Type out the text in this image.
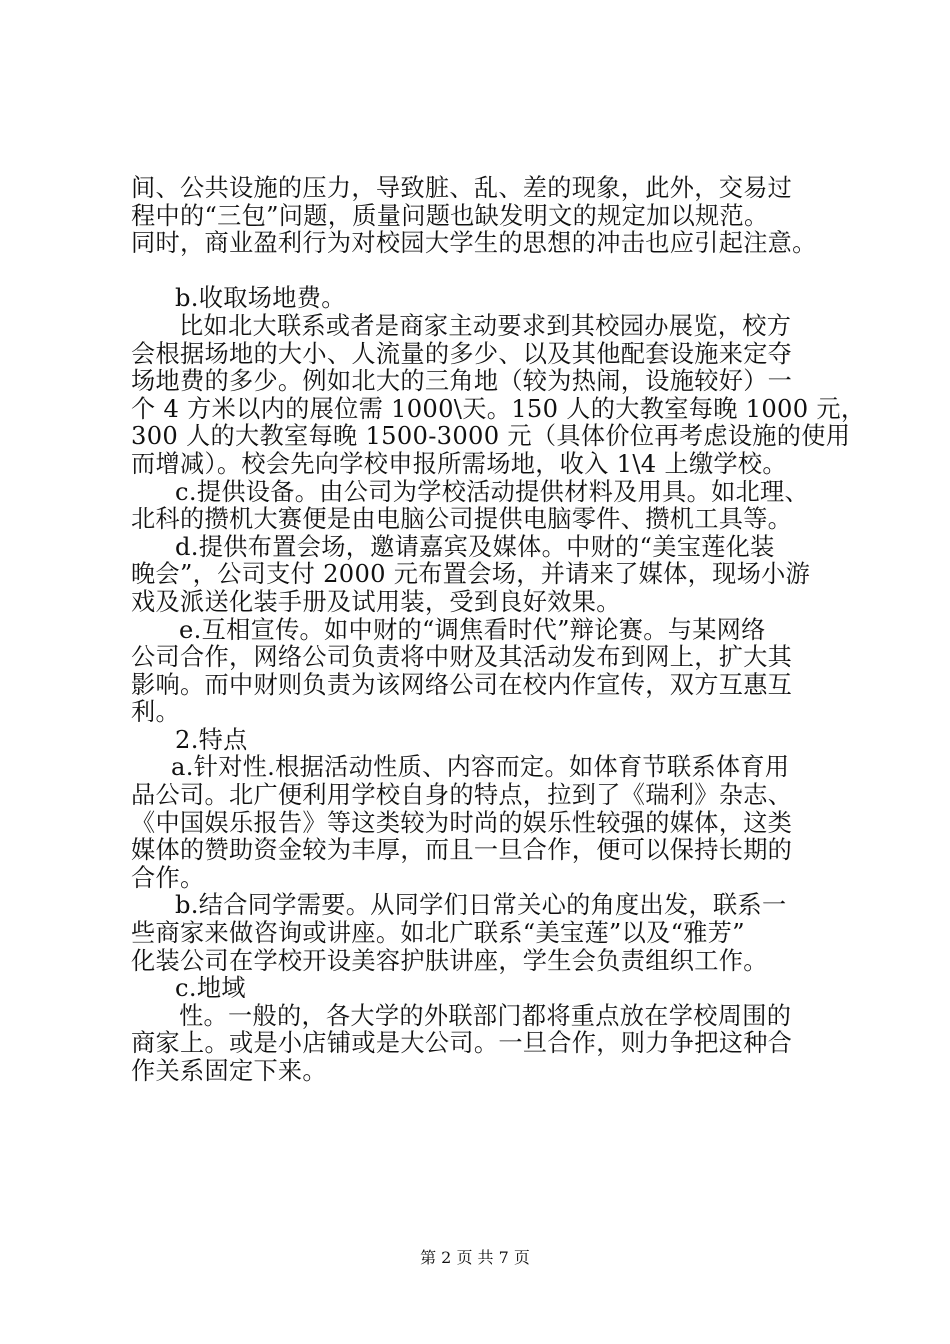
间、公共设施的压力，导致脏、乱、差的现象，此外，交易过
程中的“三包”问题，质量问题也缺发明文的规定加以规范。
同时，商业盈利行为对校园大学生的思想的冲击也应引起注意。
b.收取场地费。
比如北大联系或者是商家主动要求到其校园办展览，校方
会根据场地的大小、人流量的多少、以及其他配套设施来定夺
场地费的多少。例如北大的三角地（较为热闹，设施较好）一
个 4 方米以内的展位需 1000\天。150 人的大教室每晚 1000 元，
300 人的大教室每晚 1500-3000 元（具体价位再考虑设施的使用
而增减）。校会先向学校申报所需场地，收入 1\4 上缴学校。
c.提供设备。由公司为学校活动提供材料及用具。如北理、
北科的攒机大赛便是由电脑公司提供电脑零件、攒机工具等。
d.提供布置会场，邀请嘉宾及媒体。中财的“美宝莲化装
晚会”，公司支付 2000 元布置会场，并请来了媒体，现场小游
戏及派送化装手册及试用装，受到良好效果。
e.互相宣传。如中财的“调焦看时代”辩论赛。与某网络
公司合作，网络公司负责将中财及其活动发布到网上，扩大其
影响。而中财则负责为该网络公司在校内作宣传，双方互惠互
利。
2.特点
a.针对性.根据活动性质、内容而定。如体育节联系体育用
品公司。北广便利用学校自身的特点，拉到了《瑞利》杂志、
《中国娱乐报告》等这类较为时尚的娱乐性较强的媒体，这类
媒体的赞助资金较为丰厚，而且一旦合作，便可以保持长期的
合作。
b.结合同学需要。从同学们日常关心的角度出发，联系一
些商家来做咨询或讲座。如北广联系“美宝莲”以及“雅芳”
化装公司在学校开设美容护肤讲座，学生会负责组织工作。
c.地域
性。一般的，各大学的外联部门都将重点放在学校周围的
商家上。或是小店铺或是大公司。一旦合作，则力争把这种合
作关系固定下来。
第 2 页 共 7 页
